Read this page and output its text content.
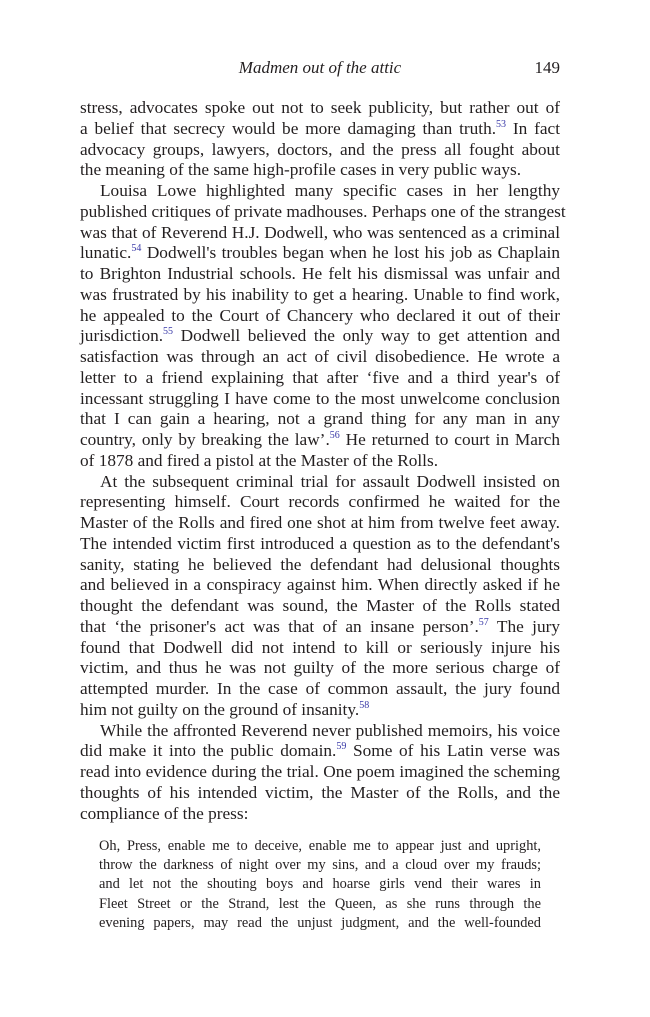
Madmen out of the attic	149
stress, advocates spoke out not to seek publicity, but rather out of
a belief that secrecy would be more damaging than truth.$^{53}$ In fact
advocacy groups, lawyers, doctors, and the press all fought about
the meaning of the same high-profile cases in very public ways.
Louisa Lowe highlighted many specific cases in her lengthy
published critiques of private madhouses. Perhaps one of the strangest
was that of Reverend H.J. Dodwell, who was sentenced as a criminal
lunatic.$^{54}$ Dodwell's troubles began when he lost his job as Chaplain
to Brighton Industrial schools. He felt his dismissal was unfair and
was frustrated by his inability to get a hearing. Unable to find work,
he appealed to the Court of Chancery who declared it out of their
jurisdiction.$^{55}$ Dodwell believed the only way to get attention and
satisfaction was through an act of civil disobedience. He wrote a
letter to a friend explaining that after ‘five and a third year's of
incessant struggling I have come to the most unwelcome conclusion
that I can gain a hearing, not a grand thing for any man in any
country, only by breaking the law’.$^{56}$ He returned to court in March
of 1878 and fired a pistol at the Master of the Rolls.
At the subsequent criminal trial for assault Dodwell insisted on
representing himself. Court records confirmed he waited for the
Master of the Rolls and fired one shot at him from twelve feet away.
The intended victim first introduced a question as to the defendant's
sanity, stating he believed the defendant had delusional thoughts
and believed in a conspiracy against him. When directly asked if he
thought the defendant was sound, the Master of the Rolls stated
that ‘the prisoner's act was that of an insane person’.$^{57}$ The jury
found that Dodwell did not intend to kill or seriously injure his
victim, and thus he was not guilty of the more serious charge of
attempted murder. In the case of common assault, the jury found
him not guilty on the ground of insanity.$^{58}$
While the affronted Reverend never published memoirs, his voice
did make it into the public domain.$^{59}$ Some of his Latin verse was
read into evidence during the trial. One poem imagined the scheming
thoughts of his intended victim, the Master of the Rolls, and the
compliance of the press:
Oh, Press, enable me to deceive, enable me to appear just and upright,
throw the darkness of night over my sins, and a cloud over my frauds;
and let not the shouting boys and hoarse girls vend their wares in
Fleet Street or the Strand, lest the Queen, as she runs through the
evening papers, may read the unjust judgment, and the well-founded
